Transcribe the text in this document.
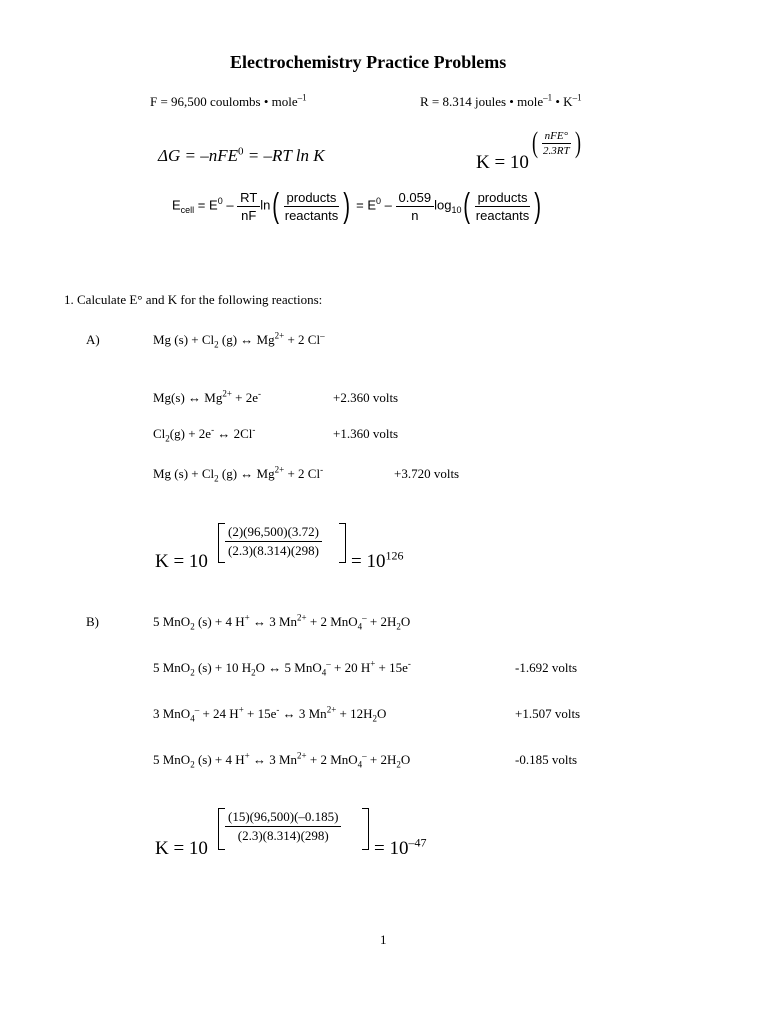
Electrochemistry Practice Problems
F = 96,500 coulombs • mole$^{-1}$	R = 8.314 joules • mole$^{-1}$ • $K^{-1}$
ΔG = –nFE$^0$ = –RT ln K	K = 10
( $\frac{\text{nFE°}}{2.3RT}$ )
$E_{cell} = E^0 - \frac{RT}{nF} \ln( \frac{\text{products}}{\text{reactants}}$ ) = $E^0 - \frac{0.059}{n} \log_{10}( \frac{\text{products}}{\text{reactants}}$ )
1. Calculate E° and K for the following reactions:
A)	Mg $(s) + Cl_2$ (g) ↔ $Mg^{2+} + 2$ Cl–
Mg(s) ↔ $Mg^{2+} + 2e^-$	+2.360 volts
$Cl_2(g) + 2e^-$ ↔ 2Cl-	+1.360 volts
Mg $(s) + Cl_2$ (g) ↔ $Mg^{2+} + 2$ Cl-	+3.720 volts
K = 10
$\frac{(2)(96,500)(3.72)}{(2.3)(8.314)(298)}$
= $10^{126}$
B)	5 MnO$_2$ (s) + 4 H+ ↔ 3 $Mn^{2+} + 2$ $MnO_4^- + 2H_2O$
5 MnO$_2$ (s) + 10 $H_2O$ ↔ 5 MnO$_4$– + 20 H+ + 15e-	-1.692 volts
3 MnO$_4$– + 24 H+ + 15e- ↔ 3 $Mn^{2+} + 12H_2O$	+1.507 volts
5 MnO$_2$ (s) + 4 H+ ↔ 3 $Mn^{2+} + 2$ $MnO_4^- + 2H_2O$	-0.185 volts
K = 10
$\frac{(15)(96,500)(-0.185)}{(2.3)(8.314)(298)}$
= $10^{-47}$
1
